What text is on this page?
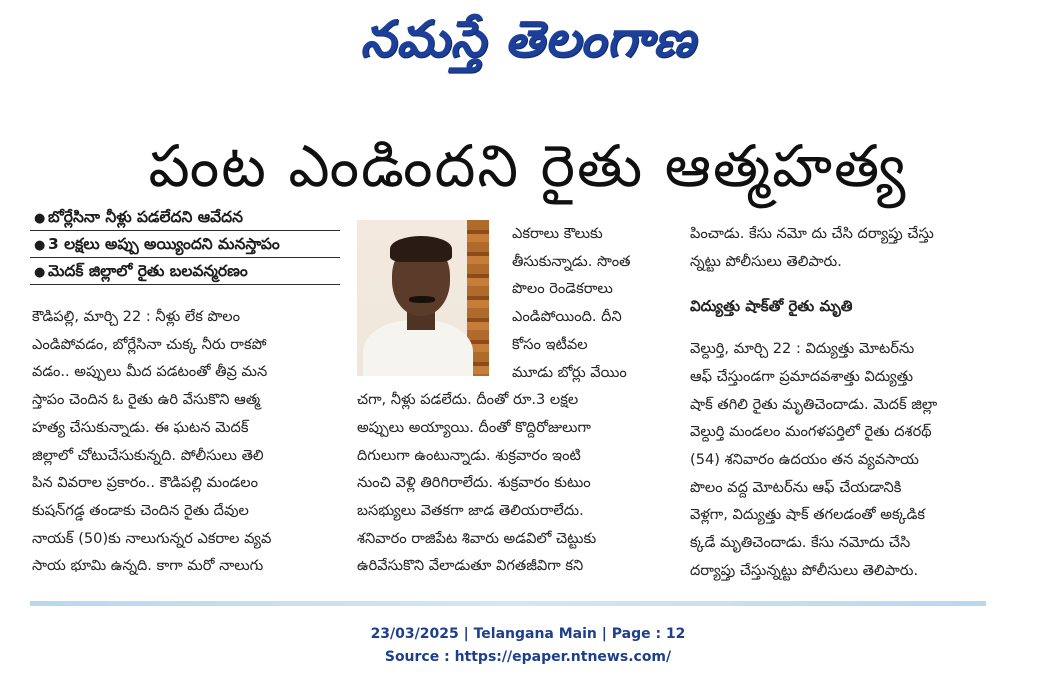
నమస్తే తెలంగాణ
పంట ఎండిందని రైతు ఆత్మహత్య
● బోర్లేసినా నీళ్లు పడలేదని ఆవేదన
● 3 లక్షలు అప్పు అయ్యిందని మనస్తాపం
● మెదక్ జిల్లాలో రైతు బలవన్మరణం

కౌడిపల్లి, మార్చి 22 : నీళ్లు లేక పొలం

ఎండిపోవడం, బోర్లేసినా చుక్క నీరు రాకపో

వడం.. అప్పులు మీద పడటంతో తీవ్ర మన

స్తాపం చెందిన ఓ రైతు ఉరి వేసుకొని ఆత్మ

హత్య చేసుకున్నాడు. ఈ ఘటన మెదక్

జిల్లాలో చోటుచేసుకున్నది. పోలీసులు తెలి

పిన వివరాల ప్రకారం.. కౌడిపల్లి మండలం

కుషన్‌గడ్డ తండాకు చెందిన రైతు దేవుల

నాయక్ (50)కు నాలుగున్నర ఎకరాల వ్యవ

సాయ భూమి ఉన్నది. కాగా మరో నాలుగు

ఎకరాలు కౌలుకు

తీసుకున్నాడు. సొంత

పొలం రెండెకరాలు

ఎండిపోయింది. దీని

కోసం ఇటీవల

మూడు బోర్లు వేయిం

చగా, నీళ్లు పడలేదు. దీంతో రూ.3 లక్షల

అప్పులు అయ్యాయి. దీంతో కొద్దిరోజులుగా

దిగులుగా ఉంటున్నాడు. శుక్రవారం ఇంటి

నుంచి వెళ్లి తిరిగిరాలేదు. శుక్రవారం కుటుం

బసభ్యులు వెతకగా జాడ తెలియరాలేదు.

శనివారం రాజిపేట శివారు అడవిలో చెట్టుకు

ఉరివేసుకొని వేలాడుతూ విగతజీవిగా కని

పించాడు. కేసు నమో దు చేసి దర్యాప్తు చేస్తు

న్నట్టు పోలీసులు తెలిపారు.

విద్యుత్తు షాక్‌తో రైతు మృతి

వెల్దుర్తి, మార్చి 22 : విద్యుత్తు మోటర్‌ను

ఆఫ్ చేస్తుండగా ప్రమాదవశాత్తు విద్యుత్తు

షాక్ తగిలి రైతు మృతిచెందాడు. మెదక్ జిల్లా

వెల్దుర్తి మండలం మంగళపర్తిలో రైతు దశరథ్

(54) శనివారం ఉదయం తన వ్యవసాయ

పొలం వద్ద మోటర్‌ను ఆఫ్ చేయడానికి

వెళ్లగా, విద్యుత్తు షాక్ తగలడంతో అక్కడిక

క్కడే మృతిచెందాడు. కేసు నమోదు చేసి

దర్యాప్తు చేస్తున్నట్టు పోలీసులు తెలిపారు.

23/03/2025 | Telangana Main | Page : 12
Source : https://epaper.ntnews.com/
